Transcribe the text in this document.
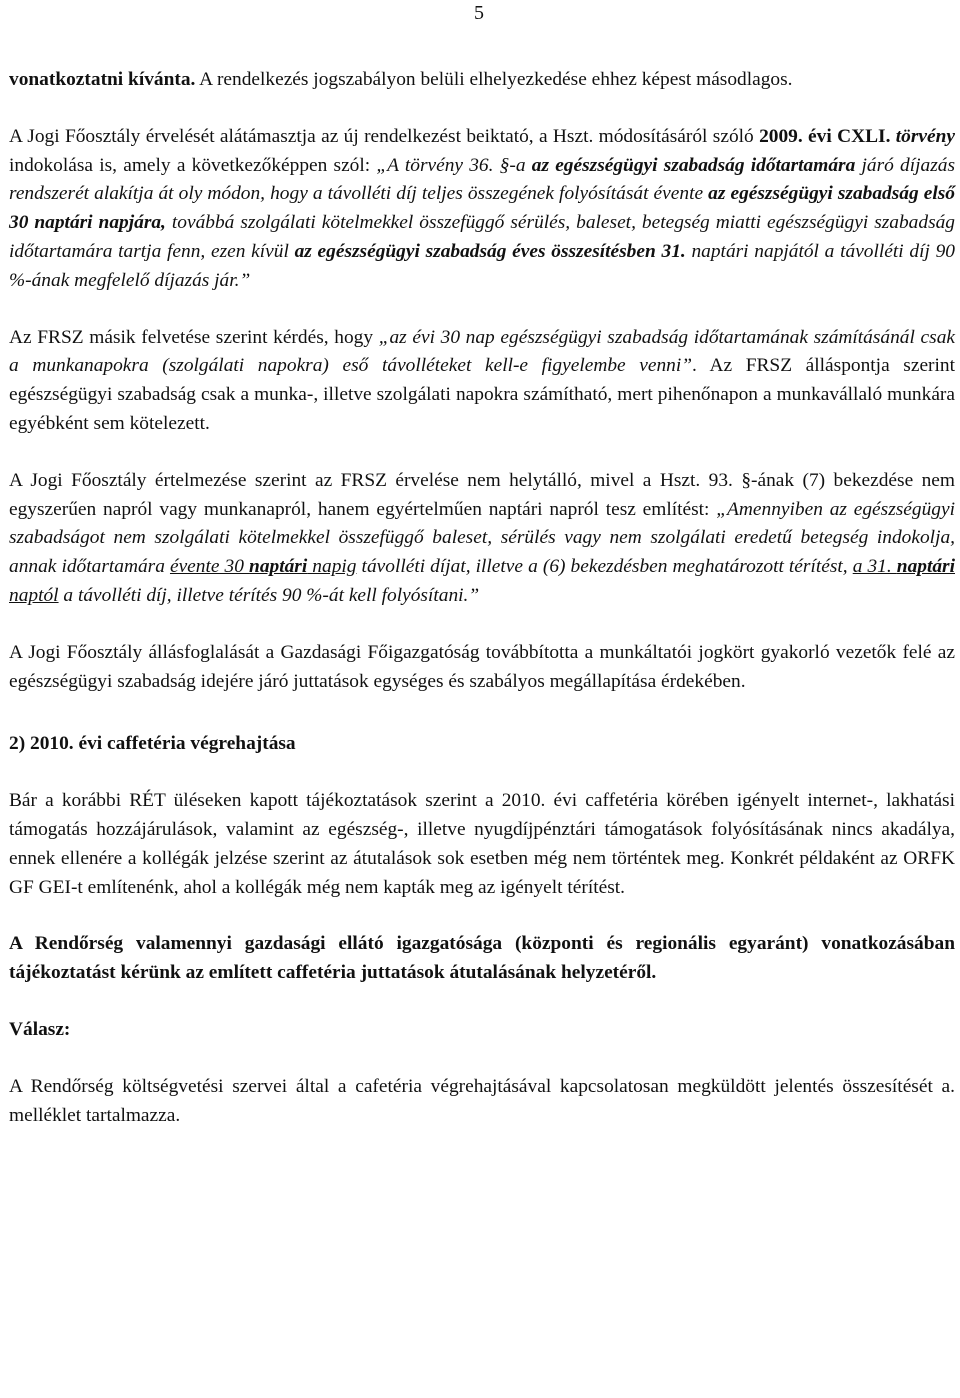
5

vonatkoztatni kívánta. A rendelkezés jogszabályon belüli elhelyezkedése ehhez képest másodlagos.

A Jogi Főosztály érvelését alátámasztja az új rendelkezést beiktató, a Hszt. módosításáról szóló 2009. évi CXLI. törvény indokolása is, amely a következőképpen szól: „A törvény 36. §-a az egészségügyi szabadság időtartamára járó díjazás rendszerét alakítja át oly módon, hogy a távolléti díj teljes összegének folyósítását évente az egészségügyi szabadság első 30 naptári napjára, továbbá szolgálati kötelmekkel összefüggő sérülés, baleset, betegség miatti egészségügyi szabadság időtartamára tartja fenn, ezen kívül az egészségügyi szabadság éves összesítésben 31. naptári napjától a távolléti díj 90 %-ának megfelelő díjazás jár.”

Az FRSZ másik felvetése szerint kérdés, hogy „az évi 30 nap egészségügyi szabadság időtartamának számításánál csak a munkanapokra (szolgálati napokra) eső távolléteket kell-e figyelembe venni”. Az FRSZ álláspontja szerint egészségügyi szabadság csak a munka-, illetve szolgálati napokra számítható, mert pihenőnapon a munkavállaló munkára egyébként sem kötelezett.

A Jogi Főosztály értelmezése szerint az FRSZ érvelése nem helytálló, mivel a Hszt. 93. §-ának (7) bekezdése nem egyszerűen napról vagy munkanapról, hanem egyértelműen naptári napról tesz említést: „Amennyiben az egészségügyi szabadságot nem szolgálati kötelmekkel összefüggő baleset, sérülés vagy nem szolgálati eredetű betegség indokolja, annak időtartamára évente 30 naptári napig távolléti díjat, illetve a (6) bekezdésben meghatározott térítést, a 31. naptári naptól a távolléti díj, illetve térítés 90 %-át kell folyósítani.”

A Jogi Főosztály állásfoglalását a Gazdasági Főigazgatóság továbbította a munkáltatói jogkört gyakorló vezetők felé az egészségügyi szabadság idejére járó juttatások egységes és szabályos megállapítása érdekében.

2) 2010. évi caffetéria végrehajtása

Bár a korábbi RÉT üléseken kapott tájékoztatások szerint a 2010. évi caffetéria körében igényelt internet-, lakhatási támogatás hozzájárulások, valamint az egészség-, illetve nyugdíjpénztári támogatások folyósításának nincs akadálya, ennek ellenére a kollégák jelzése szerint az átutalások sok esetben még nem történtek meg. Konkrét példaként az ORFK GF GEI-t említenénk, ahol a kollégák még nem kapták meg az igényelt térítést.

A Rendőrség valamennyi gazdasági ellátó igazgatósága (központi és regionális egyaránt) vonatkozásában tájékoztatást kérünk az említett caffetéria juttatások átutalásának helyzetéről.

Válasz:

A Rendőrség költségvetési szervei által a cafetéria végrehajtásával kapcsolatosan megküldött jelentés összesítését a. melléklet tartalmazza.
